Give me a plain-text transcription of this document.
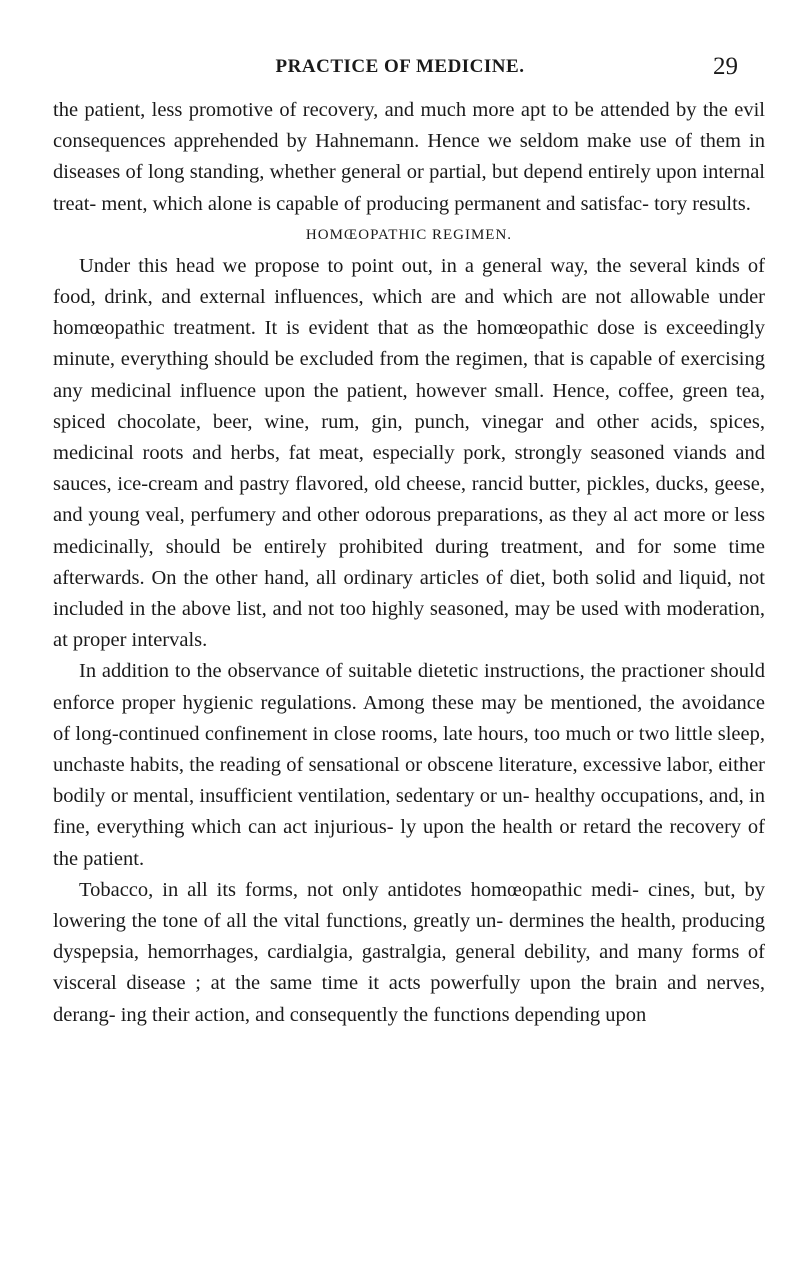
PRACTICE OF MEDICINE.	29

the patient, less promotive of recovery, and much more apt to be attended by the evil consequences apprehended by Hahnemann. Hence we seldom make use of them in diseases of long standing, whether general or partial, but depend entirely upon internal treat- ment, which alone is capable of producing permanent and satisfac- tory results.

HOMŒOPATHIC REGIMEN.

Under this head we propose to point out, in a general way, the several kinds of food, drink, and external influences, which are and which are not allowable under homœopathic treatment. It is evident that as the homœopathic dose is exceedingly minute, everything should be excluded from the regimen, that is capable of exercising any medicinal influence upon the patient, however small. Hence, coffee, green tea, spiced chocolate, beer, wine, rum, gin, punch, vinegar and other acids, spices, medicinal roots and herbs, fat meat, especially pork, strongly seasoned viands and sauces, ice-cream and pastry flavored, old cheese, rancid butter, pickles, ducks, geese, and young veal, perfumery and other odorous preparations, as they al act more or less medicinally, should be entirely prohibited during treatment, and for some time afterwards. On the other hand, all ordinary articles of diet, both solid and liquid, not included in the above list, and not too highly seasoned, may be used with moderation, at proper intervals.

In addition to the observance of suitable dietetic instructions, the practioner should enforce proper hygienic regulations. Among these may be mentioned, the avoidance of long-continued confinement in close rooms, late hours, too much or two little sleep, unchaste habits, the reading of sensational or obscene literature, excessive labor, either bodily or mental, insufficient ventilation, sedentary or un- healthy occupations, and, in fine, everything which can act injurious- ly upon the health or retard the recovery of the patient.

Tobacco, in all its forms, not only antidotes homœopathic medi- cines, but, by lowering the tone of all the vital functions, greatly un- dermines the health, producing dyspepsia, hemorrhages, cardialgia, gastralgia, general debility, and many forms of visceral disease ; at the same time it acts powerfully upon the brain and nerves, derang- ing their action, and consequently the functions depending upon
